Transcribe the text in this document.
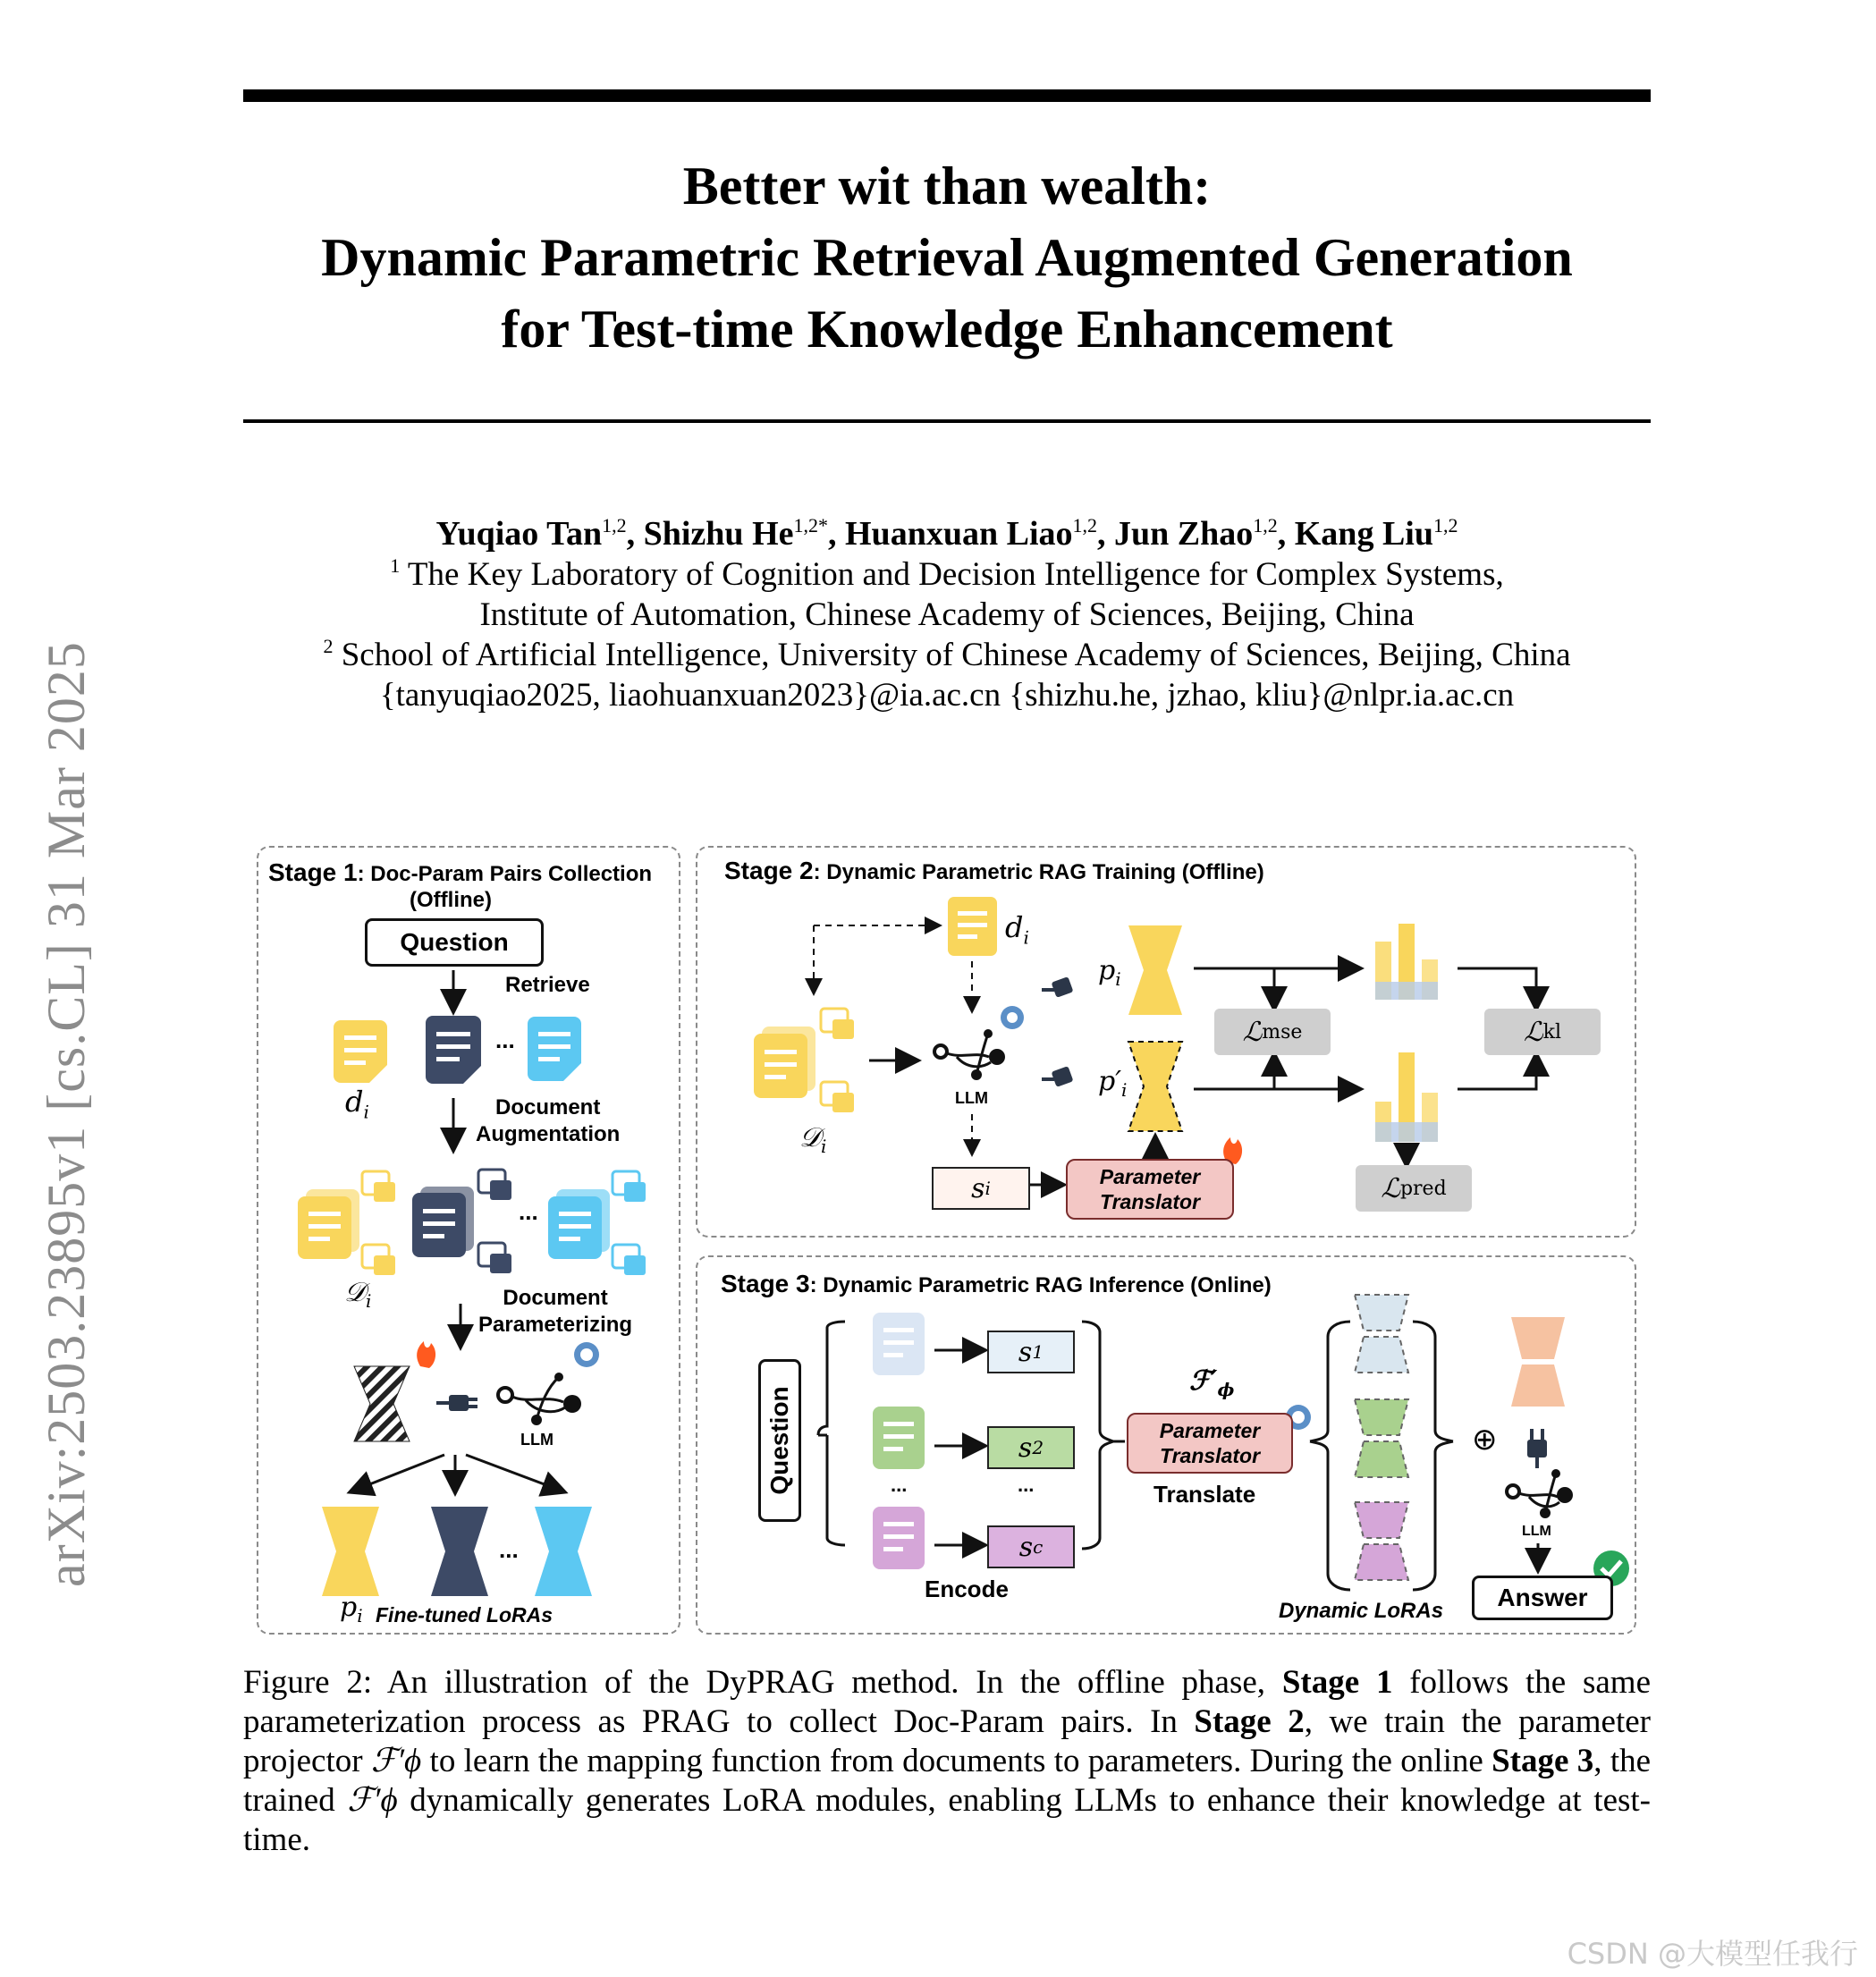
arXiv:2503.23895v1 [cs.CL] 31 Mar 2025
Better wit than wealth:
Dynamic Parametric Retrieval Augmented Generation
for Test-time Knowledge Enhancement
Yuqiao Tan$^{1,2}$, Shizhu $He^{1,2*}$, Huanxuan Liao$^{1,2}$, Jun Zhao$^{1,2}$, Kang Liu$^{1,2}$
$^1$ The Key Laboratory of Cognition and Decision Intelligence for Complex Systems,
Institute of Automation, Chinese Academy of Sciences, Beijing, China
$^2$ School of Artificial Intelligence, University of Chinese Academy of Sciences, Beijing, China
{tanyuqiao2025, liaohuanxuan2023}@ia.ac.cn {shizhu.he, jzhao, kliu}@nlpr.ia.ac.cn
Stage 1: Doc-Param Pairs Collection
(Offline)
Question
Retrieve
...
$d_i$	Document
Augmentation
...
𝒟$_i$	Document
Parameterizing
LLM
...
$p_i$ Fine-tuned LoRAs
Stage 2: Dynamic Parametric RAG Training (Offline)
$d_i$
𝒟$_i$
LLM
$p_i$
$p'_i$
s i	Parameter
Translator
ℒ mse	ℒ kl
ℒ pred
Stage 3: Dynamic Parametric RAG Inference (Online)
Question
s 1
s 2
s c
...	...
Encode
$ℱ'_\phi$
Parameter
Translator
Translate
Dynamic LoRAs
⊕
LLM
Answer
Figure 2: An illustration of the DyPRAG method. In the offline phase, Stage 1 follows the same parameterization process as PRAG to collect Doc-Param pairs. In Stage 2, we train the parameter projector ℱ′ϕ to learn the mapping function from documents to parameters. During the online Stage 3, the trained ℱ′ϕ dynamically generates LoRA modules, enabling LLMs to enhance their knowledge at test-time.
CSDN @大模型任我行
